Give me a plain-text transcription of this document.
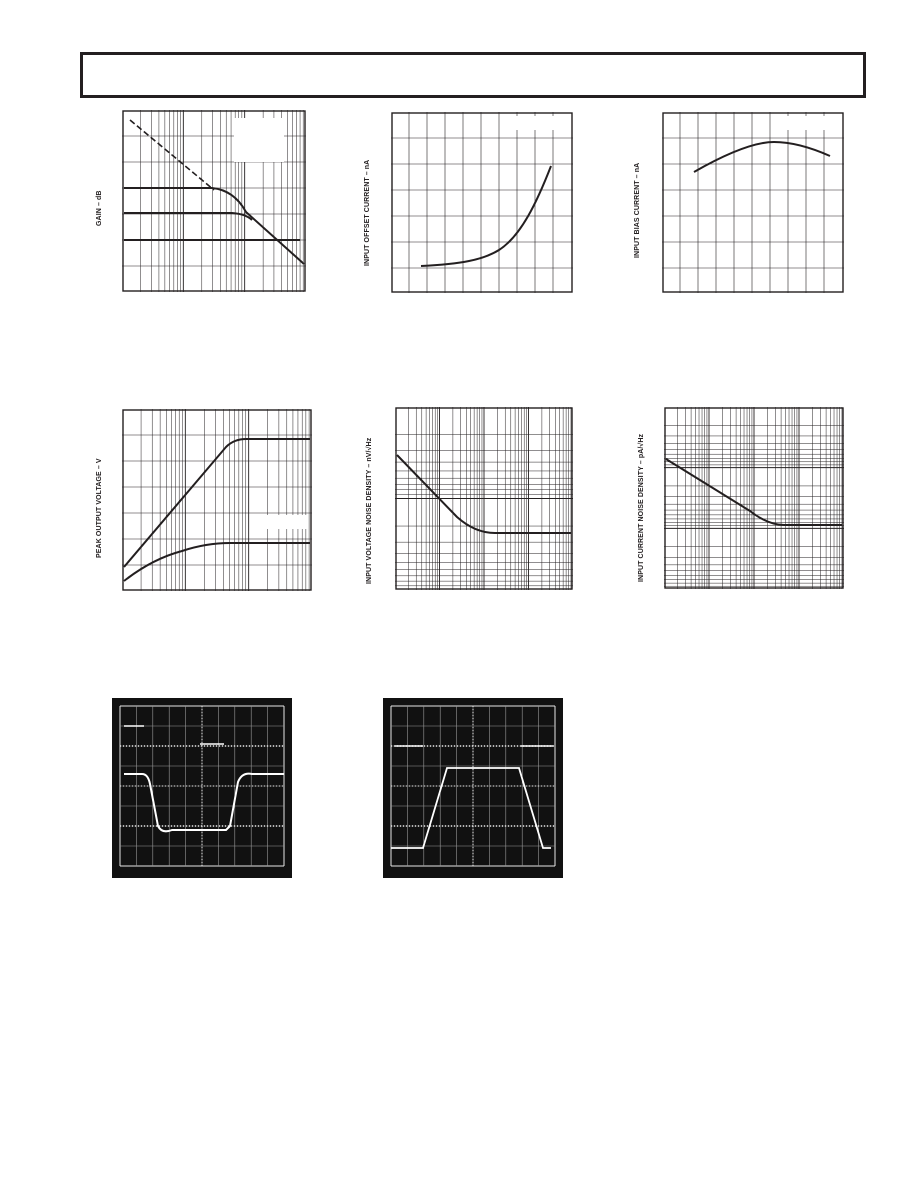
GAIN – dB	INPUT OFFSET CURRENT – nA	INPUT BIAS CURRENT – nA
PEAK OUTPUT VOLTAGE – V	INPUT VOLTAGE NOISE DENSITY – nV/√Hz	INPUT CURRENT NOISE DENSITY – pA/√Hz
